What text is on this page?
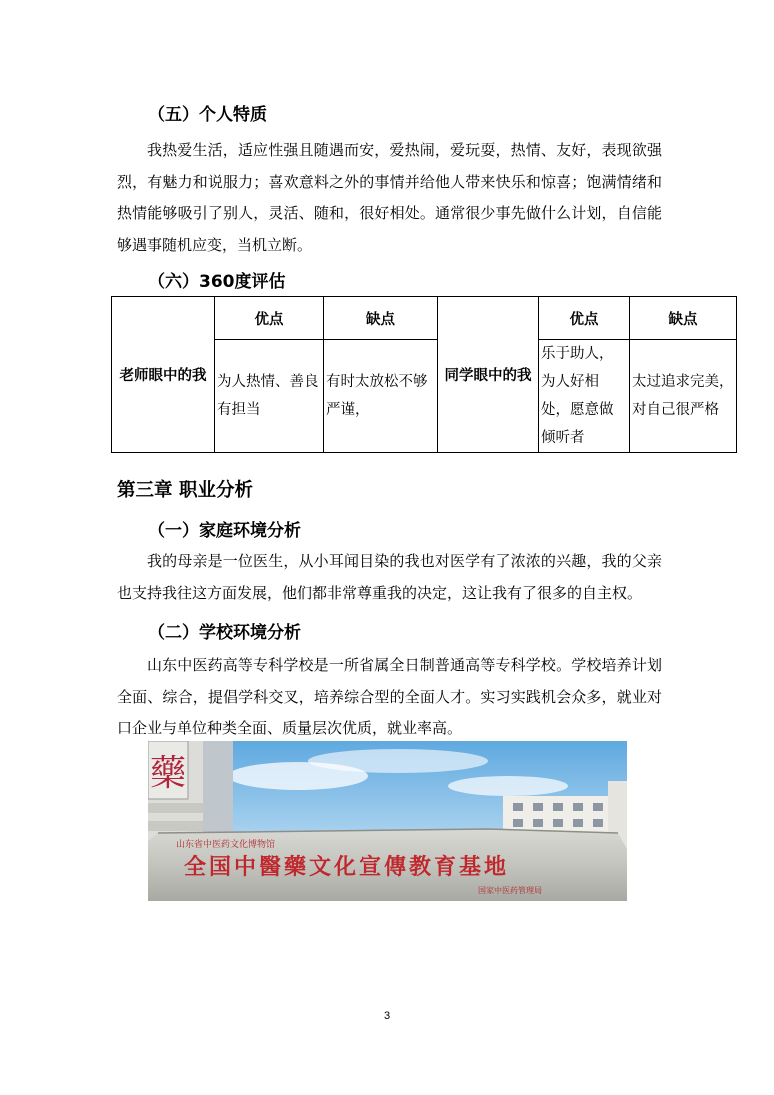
（五）个人特质

我热爱生活，适应性强且随遇而安，爱热闹，爱玩耍，热情、友好，表现欲强烈，有魅力和说服力；喜欢意料之外的事情并给他人带来快乐和惊喜；饱满情绪和热情能够吸引了别人，灵活、随和，很好相处。通常很少事先做什么计划，自信能够遇事随机应变，当机立断。

（六）360度评估
老师眼中的我	优点	缺点	同学眼中的我	优点	缺点
	为人热情、善良有担当	有时太放松不够严谨，		乐于助人，为人好相处，愿意做倾听者	太过追求完美，对自己很严格
第三章 职业分析
（一）家庭环境分析

我的母亲是一位医生，从小耳闻目染的我也对医学有了浓浓的兴趣，我的父亲也支持我往这方面发展，他们都非常尊重我的决定，这让我有了很多的自主权。

（二）学校环境分析

山东中医药高等专科学校是一所省属全日制普通高等专科学校。学校培养计划全面、综合，提倡学科交叉，培养综合型的全面人才。实习实践机会众多，就业对口企业与单位种类全面、质量层次优质，就业率高。

藥
山东省中医药文化博物馆
全国中醫藥文化宣傳教育基地
国家中医药管理局
3
